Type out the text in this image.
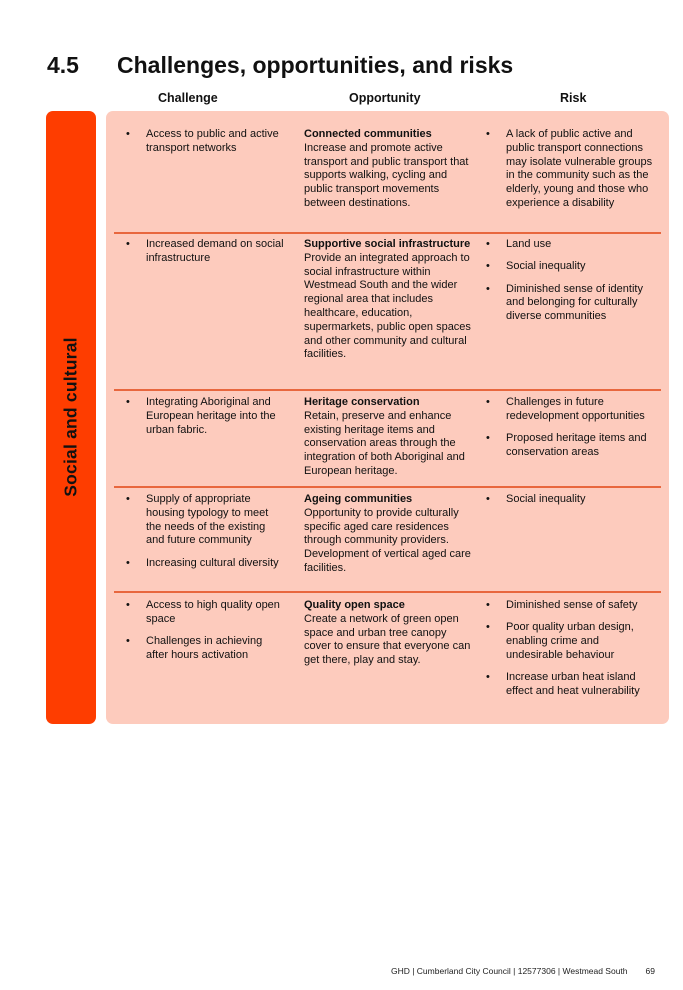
4.5 Challenges, opportunities, and risks
Challenge	Opportunity	Risk
Social and cultural
• Access to public and active transport networks
Connected communities
Increase and promote active transport and public transport that supports walking, cycling and public transport movements between destinations.
• A lack of public active and public transport connections may isolate vulnerable groups in the community such as the elderly, young and those who experience a disability
• Increased demand on social infrastructure
Supportive social infrastructure
Provide an integrated approach to social infrastructure within Westmead South and the wider regional area that includes healthcare, education, supermarkets, public open spaces and other community and cultural facilities.
• Land use
• Social inequality
• Diminished sense of identity and belonging for culturally diverse communities
• Integrating Aboriginal and European heritage into the urban fabric.
Heritage conservation
Retain, preserve and enhance existing heritage items and conservation areas through the integration of both Aboriginal and European heritage.
• Challenges in future redevelopment opportunities
• Proposed heritage items and conservation areas
• Supply of appropriate housing typology to meet the needs of the existing and future community
• Increasing cultural diversity
Ageing communities
Opportunity to provide culturally specific aged care residences through community providers. Development of vertical aged care facilities.
• Social inequality
• Access to high quality open space
• Challenges in achieving after hours activation
Quality open space
Create a network of green open space and urban tree canopy cover to ensure that everyone can get there, play and stay.
• Diminished sense of safety
• Poor quality urban design, enabling crime and undesirable behaviour
• Increase urban heat island effect and heat vulnerability
GHD | Cumberland City Council | 12577306 | Westmead South 69
